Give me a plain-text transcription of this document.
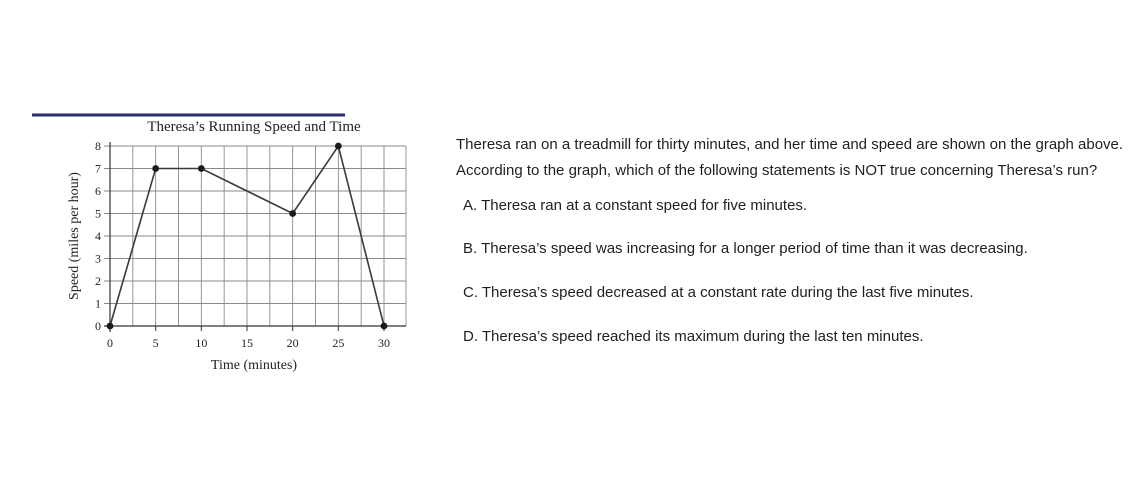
0	5	10	15	20	25	30
0
1
2
3
4
5
6
7
8
Theresa’s Running Speed and Time
Time (minutes)
Speed (miles per hour)

Theresa ran on a treadmill for thirty minutes, and her time and speed are shown on the graph above. According to the graph, which of the following statements is NOT true concerning Theresa’s run?

A. Theresa ran at a constant speed for five minutes.

B. Theresa’s speed was increasing for a longer period of time than it was decreasing.

C. Theresa’s speed decreased at a constant rate during the last five minutes.

D. Theresa’s speed reached its maximum during the last ten minutes.
